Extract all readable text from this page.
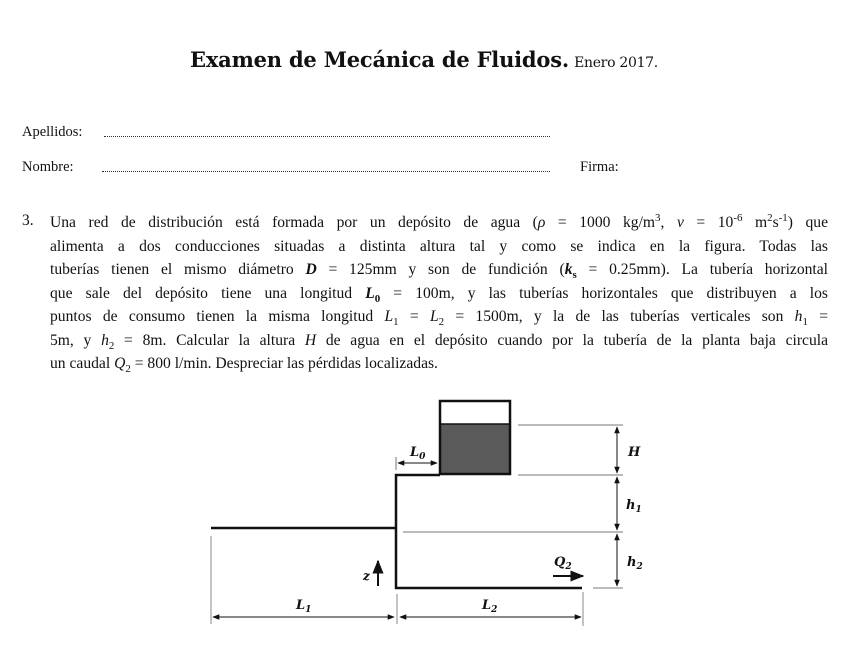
Examen de Mecánica de Fluidos. Enero 2017.
Apellidos:
Nombre:	Firma:
3. Una red de distribución está formada por un depósito de agua (ρ = 1000 $kg/m^3$, $\nu = 10^{-6}$ $m^2s^{-1}$) que
alimenta a dos conducciones situadas a distinta altura tal y como se indica en la figura. Todas las
tuberías tienen el mismo diámetro D = 125mm y son de fundición $(k_s = 0.25mm)$. La tubería horizontal
que sale del depósito tiene una longitud $L_0 = 100m$, y las tuberías horizontales que distribuyen a los
puntos de consumo tienen la misma longitud $L_1 = L_2 = 1500m$, y la de las tuberías verticales son $h_1$ =
5m, y $h_2 = 8m$. Calcular la altura H de agua en el depósito cuando por la tubería de la planta baja circula
un caudal $Q_2 = 800$ l/min. Despreciar las pérdidas localizadas.
H
$h_1$
$h_2$
$L_0$
z
$Q_2$
$L_1$	$L_2$
